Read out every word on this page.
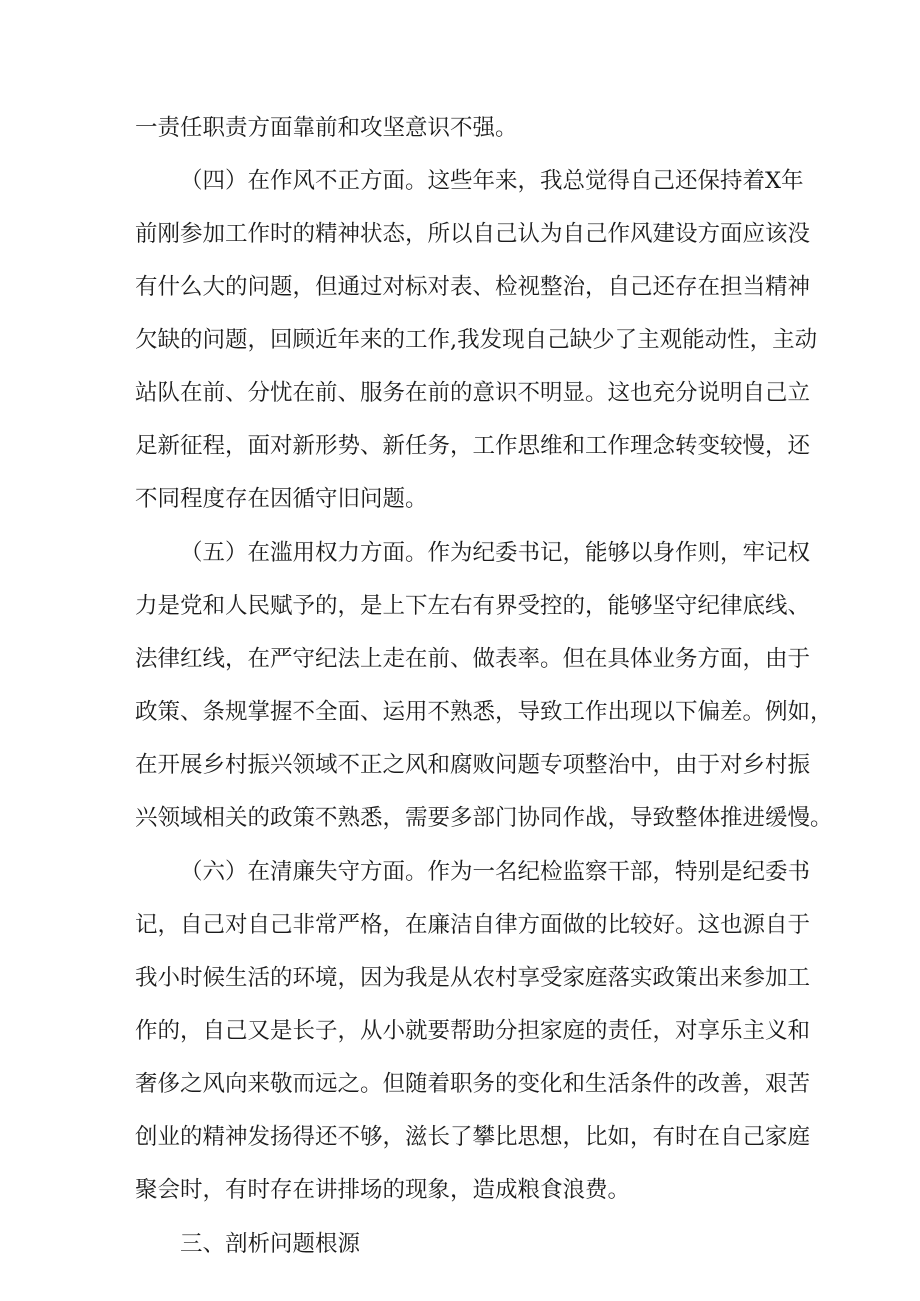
一责任职责方面靠前和攻坚意识不强。
（四）在作风不正方面。这些年来，我总觉得自己还保持着X年
前刚参加工作时的精神状态，所以自己认为自己作风建设方面应该没
有什么大的问题，但通过对标对表、检视整治，自己还存在担当精神
欠缺的问题，回顾近年来的工作,我发现自己缺少了主观能动性，主动
站队在前、分忧在前、服务在前的意识不明显。这也充分说明自己立
足新征程，面对新形势、新任务，工作思维和工作理念转变较慢，还
不同程度存在因循守旧问题。
（五）在滥用权力方面。作为纪委书记，能够以身作则，牢记权
力是党和人民赋予的，是上下左右有界受控的，能够坚守纪律底线、
法律红线，在严守纪法上走在前、做表率。但在具体业务方面，由于
政策、条规掌握不全面、运用不熟悉，导致工作出现以下偏差。例如，
在开展乡村振兴领域不正之风和腐败问题专项整治中，由于对乡村振
兴领域相关的政策不熟悉，需要多部门协同作战，导致整体推进缓慢。
（六）在清廉失守方面。作为一名纪检监察干部，特别是纪委书
记，自己对自己非常严格，在廉洁自律方面做的比较好。这也源自于
我小时候生活的环境，因为我是从农村享受家庭落实政策出来参加工
作的，自己又是长子，从小就要帮助分担家庭的责任，对享乐主义和
奢侈之风向来敬而远之。但随着职务的变化和生活条件的改善，艰苦
创业的精神发扬得还不够，滋长了攀比思想，比如，有时在自己家庭
聚会时，有时存在讲排场的现象，造成粮食浪费。
三、剖析问题根源
